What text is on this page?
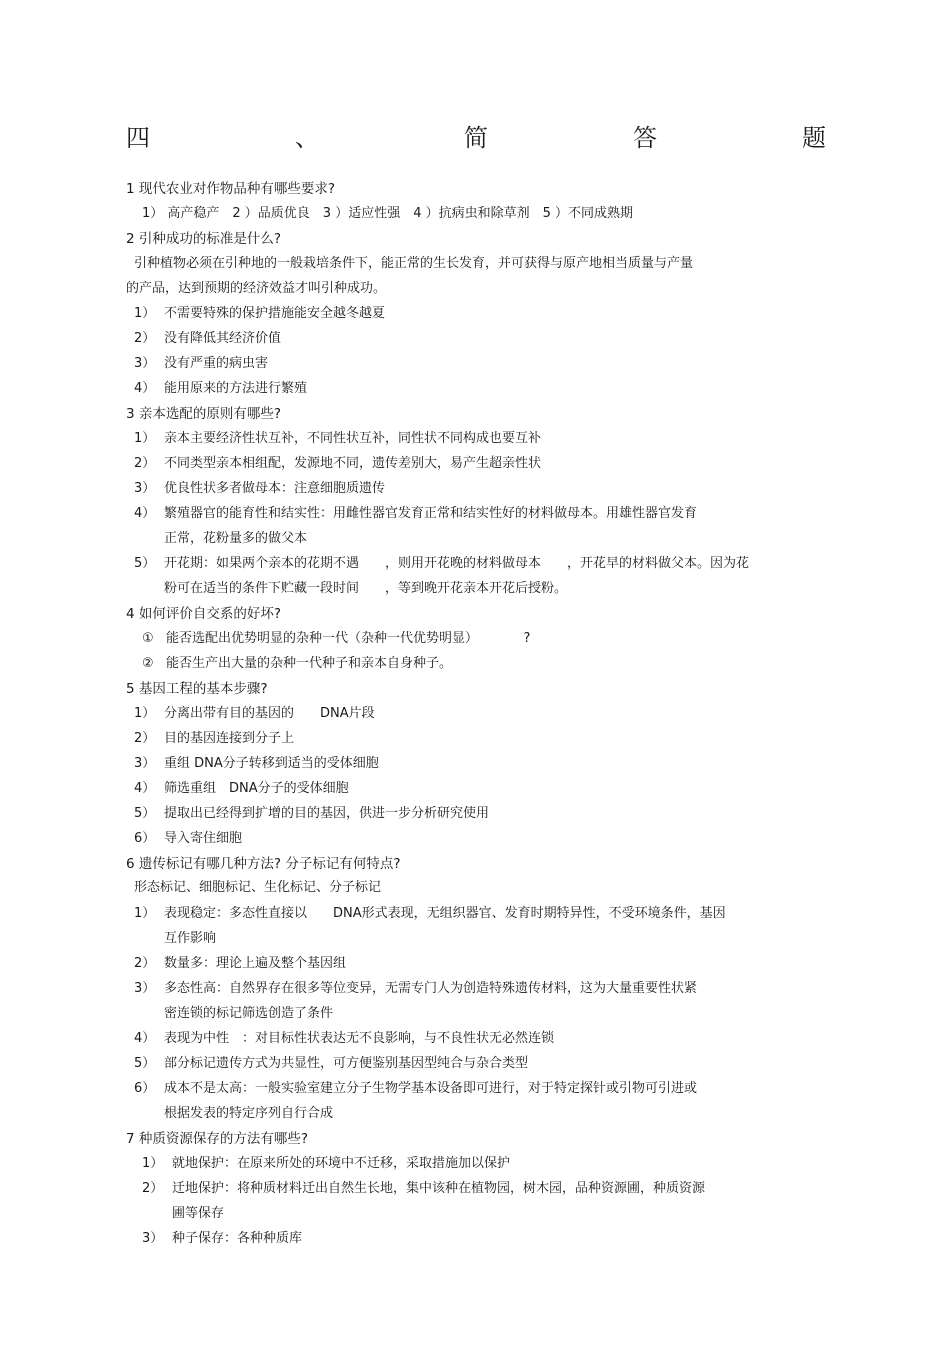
四	、	简	答	题
1 现代农业对作物品种有哪些要求?
1） 高产稳产　2 ）品质优良　3 ）适应性强　4 ）抗病虫和除草剂　5 ）不同成熟期
2 引种成功的标准是什么?
引种植物必须在引种地的一般栽培条件下，能正常的生长发育，并可获得与原产地相当质量与产量
的产品，达到预期的经济效益才叫引种成功。
1） 不需要特殊的保护措施能安全越冬越夏
2） 没有降低其经济价值
3） 没有严重的病虫害
4） 能用原来的方法进行繁殖
3 亲本选配的原则有哪些?
1） 亲本主要经济性状互补，不同性状互补，同性状不同构成也要互补
2） 不同类型亲本相组配，发源地不同，遗传差别大，易产生超亲性状
3） 优良性状多者做母本：注意细胞质遗传
4） 繁殖器官的能育性和结实性：用雌性器官发育正常和结实性好的材料做母本。用雄性器官发育
正常，花粉量多的做父本
5） 开花期：如果两个亲本的花期不遇　　，则用开花晚的材料做母本　　，开花早的材料做父本。因为花
粉可在适当的条件下贮藏一段时间　　，等到晚开花亲本开花后授粉。
4 如何评价自交系的好坏?
① 能否选配出优势明显的杂种一代（杂种一代优势明显）　　　　?
② 能否生产出大量的杂种一代种子和亲本自身种子。
5 基因工程的基本步骤?
1） 分离出带有目的基因的　　DNA片段
2） 目的基因连接到分子上
3） 重组 DNA分子转移到适当的受体细胞
4） 筛选重组　DNA分子的受体细胞
5） 提取出已经得到扩增的目的基因，供进一步分析研究使用
6） 导入寄住细胞
6 遗传标记有哪几种方法? 分子标记有何特点?
形态标记、细胞标记、生化标记、分子标记
1） 表现稳定：多态性直接以　　DNA形式表现，无组织器官、发育时期特异性，不受环境条件，基因
互作影响
2） 数量多：理论上遍及整个基因组
3） 多态性高：自然界存在很多等位变异，无需专门人为创造特殊遗传材料，这为大量重要性状紧
密连锁的标记筛选创造了条件
4） 表现为中性　：对目标性状表达无不良影响，与不良性状无必然连锁
5） 部分标记遗传方式为共显性，可方便鉴别基因型纯合与杂合类型
6） 成本不是太高：一般实验室建立分子生物学基本设备即可进行，对于特定探针或引物可引进或
根据发表的特定序列自行合成
7 种质资源保存的方法有哪些?
1） 就地保护：在原来所处的环境中不迁移，采取措施加以保护
2） 迁地保护：将种质材料迁出自然生长地，集中该种在植物园，树木园，品种资源圃，种质资源
圃等保存
3） 种子保存：各种种质库
